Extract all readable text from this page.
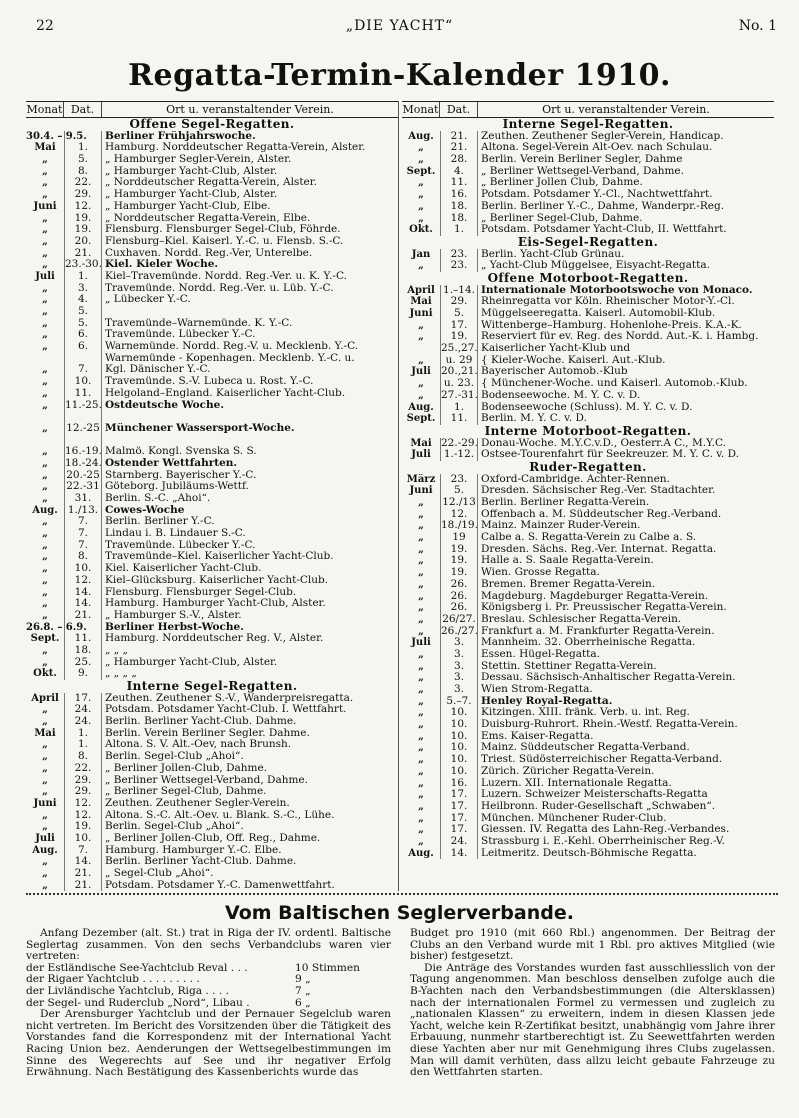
22	„DIE YACHT“	No. 1
Regatta-Termin-Kalender 1910.
Monat Dat.	Ort u. veranstaltender Verein.
Offene Segel-Regatten.
30.4. – 9.5. Berliner Frühjahrswoche.
Mai	1.	Hamburg. Norddeutscher Regatta-Verein, Alster.
„	5.	„ Hamburger Segler-Verein, Alster.
„	8.	„ Hamburger Yacht-Club, Alster.
„	22.	„ Norddeutscher Regatta-Verein, Alster.
„	29.	„ Hamburger Yacht-Club, Alster.
Juni	12.	„ Hamburger Yacht-Club, Elbe.
„	19.	„ Norddeutscher Regatta-Verein, Elbe.
„	19.	Flensburg. Flensburger Segel-Club, Föhrde.
„	20.	Flensburg–Kiel. Kaiserl. Y.-C. u. Flensb. S.-C.
„	21.	Cuxhaven. Nordd. Reg.-Ver, Unterelbe.
„	23.-30. Kiel. Kieler Woche.
Juli	1.	Kiel–Travemünde. Nordd. Reg.-Ver. u. K. Y.-C.
„	3.	Travemünde. Nordd. Reg.-Ver. u. Lüb. Y.-C.
„	4.	„ Lübecker Y.-C.
„	5.
„	5.	Travemünde–Warnemünde. K. Y.-C.
„	6.	Travemünde. Lübecker Y.-C.
„	6.	Warnemünde. Nordd. Reg.-V. u. Mecklenb. Y.-C.
Warnemünde - Kopenhagen. Mecklenb. Y.-C. u.
„	7.	Kgl. Dänischer Y.-C.
„	10.	Travemünde. S.-V. Lubeca u. Rost. Y.-C.
„	11.	Helgoland–England. Kaiserlicher Yacht-Club.
„	11.-25. Ostdeutsche Woche.
„	12.-25 Münchener Wassersport-Woche.
„	16.-19. Malmö. Kongl. Svenska S. S.
„	18.-24. Ostender Wettfahrten.
„	20.-25 Starnberg. Bayerischer Y.-C.
„	22.-31 Göteborg. Jubiläums-Wettf.
„	31.	Berlin. S.-C. „Ahoi“.
Aug. 1./13. Cowes-Woche
„	7.	Berlin. Berliner Y.-C.
„	7.	Lindau i. B. Lindauer S.-C.
„	7.	Travemünde. Lübecker Y.-C.
„	8.	Travemünde–Kiel. Kaiserlicher Yacht-Club.
„	10.	Kiel. Kaiserlicher Yacht-Club.
„	12.	Kiel–Glücksburg. Kaiserlicher Yacht-Club.
„	14.	Flensburg. Flensburger Segel-Club.
„	14.	Hamburg. Hamburger Yacht-Club, Alster.
„	21.	„ Hamburger S.-V., Alster.
26.8. – 6.9. Berliner Herbst-Woche.
Sept.	11.	Hamburg. Norddeutscher Reg. V., Alster.
„	18.	„ „ „
„	25.	„ Hamburger Yacht-Club, Alster.
Okt.	9.	„ „ „ „
Interne Segel-Regatten.
April	17.	Zeuthen. Zeuthener S.-V., Wanderpreisregatta.
„	24.	Potsdam. Potsdamer Yacht-Club. I. Wettfahrt.
„	24.	Berlin. Berliner Yacht-Club. Dahme.
Mai	1.	Berlin. Verein Berliner Segler. Dahme.
„	1.	Altona. S. V. Alt.-Oev, nach Brunsh.
„	8.	Berlin. Segel-Club „Ahoi“.
„	22.	„ Berliner Jollen-Club, Dahme.
„	29.	„ Berliner Wettsegel-Verband, Dahme.
„	29.	„ Berliner Segel-Club, Dahme.
Juni	12.	Zeuthen. Zeuthener Segler-Verein.
„	12.	Altona. S.-C. Alt.-Oev. u. Blank. S.-C., Lühe.
„	19.	Berlin. Segel-Club „Ahoi“.
Juli	10.	„ Berliner Jollen-Club, Off. Reg., Dahme.
Aug.	7.	Hamburg. Hamburger Y.-C. Elbe.
„	14.	Berlin. Berliner Yacht-Club. Dahme.
„	21.	„ Segel-Club „Ahoi“.
„	21.	Potsdam. Potsdamer Y.-C. Damenwettfahrt.
Monat Dat.	Ort u. veranstaltender Verein.
Interne Segel-Regatten.
Aug.	21.	Zeuthen. Zeuthener Segler-Verein, Handicap.
„	21.	Altona. Segel-Verein Alt-Oev. nach Schulau.
„	28.	Berlin. Verein Berliner Segler, Dahme
Sept.	4.	„ Berliner Wettsegel-Verband, Dahme.
„	11.	„ Berliner Jollen Club, Dahme.
„	16.	Potsdam. Potsdamer Y.-Cl., Nachtwettfahrt.
„	18.	Berlin. Berliner Y.-C., Dahme, Wanderpr.-Reg.
„	18.	„ Berliner Segel-Club, Dahme.
Okt.	1.	Potsdam. Potsdamer Yacht-Club, II. Wettfahrt.
Eis-Segel-Regatten.
Jan	23.	Berlin. Yacht-Club Grünau.
„	23.	„ Yacht-Club Müggelsee, Eisyacht-Regatta.
Offene Motorboot-Regatten.
April 1.–14. Internationale Motorbootswoche von Monaco.
Mai	29.	Rheinregatta vor Köln. Rheinischer Motor-Y.-Cl.
Juni	5.	Müggelseeregatta. Kaiserl. Automobil-Klub.
„	17.	Wittenberge–Hamburg. Hohenlohe-Preis. K.A.-K.
„	19.	Reserviert für ev. Reg. des Nordd. Aut.-K. i. Hambg.
25.,27. Kaiserlicher Yacht-Klub und
„	u. 29 { Kieler-Woche. Kaiserl. Aut.-Klub.
Juli 20.,21. Bayerischer Automob.-Klub
„	u. 23. { Münchener-Woche. und Kaiserl. Automob.-Klub.
„	27.-31. Bodenseewoche. M. Y. C. v. D.
Aug.	1.	Bodenseewoche (Schluss). M. Y. C. v. D.
Sept.	11.	Berlin. M. Y. C. v. D.
Interne Motorboot-Regatten.
Mai 22.-29. Donau-Woche. M.Y.C.v.D., Oesterr.A C., M.Y.C.
Juli	1.-12. Ostsee-Tourenfahrt für Seekreuzer. M. Y. C. v. D.
Ruder-Regatten.
März	23.	Oxford-Cambridge. Achter-Rennen.
Juni	5.	Dresden. Sächsischer Reg.-Ver. Stadtachter.
„	12./13 Berlin. Berliner Regatta-Verein.
„	12.	Offenbach a. M. Süddeutscher Reg.-Verband.
„	18./19. Mainz. Mainzer Ruder-Verein.
„	19	Calbe a. S. Regatta-Verein zu Calbe a. S.
„	19.	Dresden. Sächs. Reg.-Ver. Internat. Regatta.
„	19.	Halle a. S. Saale Regatta-Verein.
„	19.	Wien. Grosse Regatta.
„	26.	Bremen. Bremer Regatta-Verein.
„	26.	Magdeburg. Magdeburger Regatta-Verein.
„	26.	Königsberg i. Pr. Preussischer Regatta-Verein.
„	26/27. Breslau. Schlesischer Regatta-Verein.
„	26./27. Frankfurt a. M. Frankfurter Regatta-Verein.
Juli	3.	Mannheim. 32. Oberrheinische Regatta.
„	3.	Essen. Hügel-Regatta.
„	3.	Stettin. Stettiner Regatta-Verein.
„	3.	Dessau. Sächsisch-Anhaltischer Regatta-Verein.
„	3.	Wien Strom-Regatta.
„	5.–7. Henley Royal-Regatta.
„	10.	Kitzingen. XIII. fränk. Verb. u. int. Reg.
„	10.	Duisburg-Ruhrort. Rhein.-Westf. Regatta-Verein.
„	10.	Ems. Kaiser-Regatta.
„	10.	Mainz. Süddeutscher Regatta-Verband.
„	10.	Triest. Südösterreichischer Regatta-Verband.
„	10.	Zürich. Züricher Regatta-Verein.
„	16.	Luzern. XII. Internationale Regatta.
„	17.	Luzern. Schweizer Meisterschafts-Regatta
„	17.	Heilbronn. Ruder-Gesellschaft „Schwaben“.
„	17.	München. Münchener Ruder-Club.
„	17.	Giessen. IV. Regatta des Lahn-Reg.-Verbandes.
„	24.	Strassburg i. E.-Kehl. Oberrheinischer Reg.-V.
Aug.	14.	Leitmeritz. Deutsch-Böhmische Regatta.
Vom Baltischen Seglerverbande.

Anfang Dezember (alt. St.) trat in Riga der IV. ordentl. Baltische Seglertag zusammen. Von den sechs Verbandclubs waren vier vertreten:

der Estländische See-Yachtclub Reval . . .	10 Stimmen
der Rigaer Yachtclub . . . . . . . . .	9 „
der Livländische Yachtclub, Riga . . . .	7 „
der Segel- und Ruderclub „Nord“, Libau .	6 „

Der Arensburger Yachtclub und der Pernauer Segelclub waren nicht vertreten. Im Bericht des Vorsitzenden über die Tätigkeit des Vorstandes fand die Korrespondenz mit der International Yacht Racing Union bez. Aenderungen der Wettsegelbestimmungen im Sinne des Wegerechts auf See und ihr negativer Erfolg Erwähnung. Nach Bestätigung des Kassenberichts wurde das

Budget pro 1910 (mit 660 Rbl.) angenommen. Der Beitrag der Clubs an den Verband wurde mit 1 Rbl. pro aktives Mitglied (wie bisher) festgesetzt.

Die Anträge des Vorstandes wurden fast ausschliesslich von der Tagung angenommen. Man beschloss denselben zufolge auch die B-Yachten nach den Verbandsbestimmungen (die Altersklassen) nach der internationalen Formel zu vermessen und zugleich zu „nationalen Klassen“ zu erweitern, indem in diesen Klassen jede Yacht, welche kein R-Zertifikat besitzt, unabhängig vom Jahre ihrer Erbauung, nunmehr startberechtigt ist. Zu Seewettfahrten werden diese Yachten aber nur mit Genehmigung ihres Clubs zugelassen. Man will damit verhüten, dass allzu leicht gebaute Fahrzeuge zu den Wettfahrten starten.
